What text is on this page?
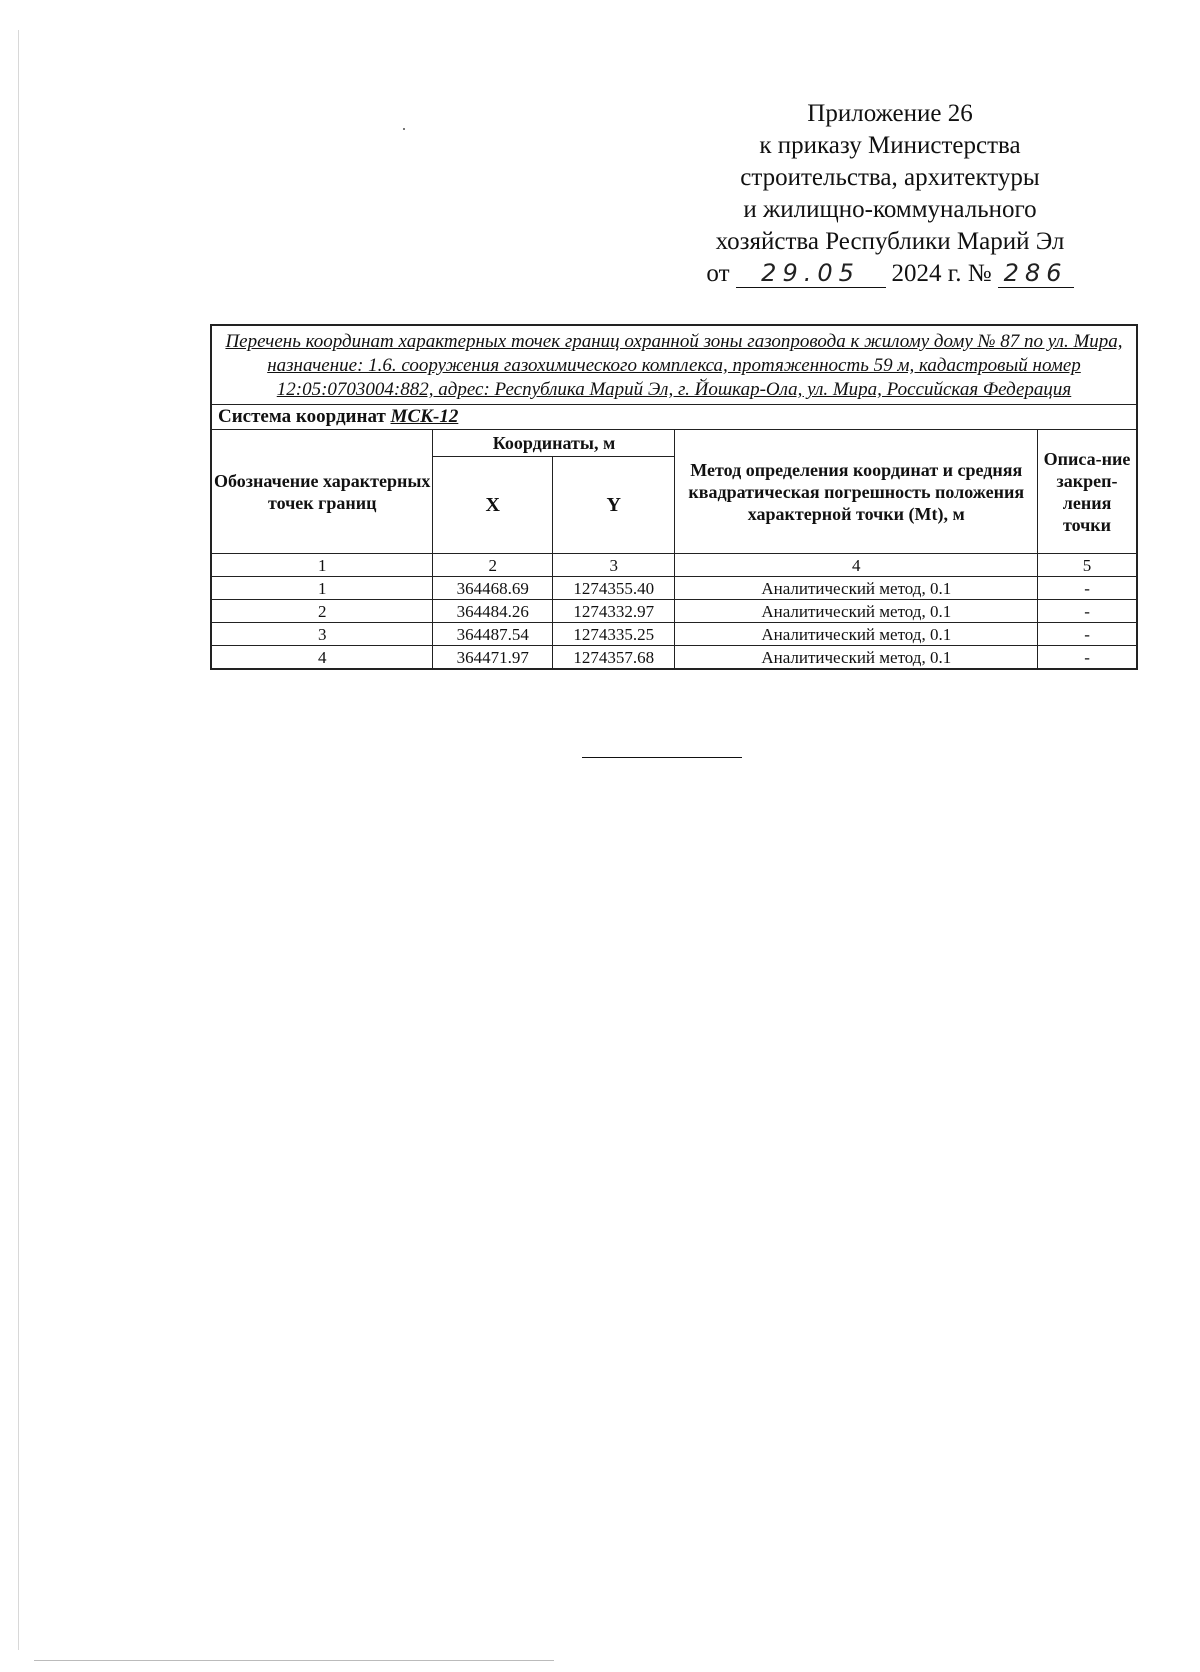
Приложение 26
к приказу Министерства
строительства, архитектуры
и жилищно-коммунального
хозяйства Республики Марий Эл
от	29.05	2024 г. № 286
Перечень координат характерных точек границ охранной зоны газопровода к жилому дому № 87 по ул. Мира, назначение: 1.6. сооружения газохимического комплекса, протяженность 59 м, кадастровый номер 12:05:0703004:882, адрес: Республика Марий Эл, г. Йошкар-Ола, ул. Мира, Российская Федерация
Система координат МСК-12
Обозначение характерных точек границ	Координаты, м		Метод определения координат и средняя квадратическая погрешность положения характерной точки (Mt), м	Описа-ние закреп-ления точки
	X	Y		
1	2	3	4	5
1	364468.69	1274355.40	Аналитический метод, 0.1	-
2	364484.26	1274332.97	Аналитический метод, 0.1	-
3	364487.54	1274335.25	Аналитический метод, 0.1	-
4	364471.97	1274357.68	Аналитический метод, 0.1	-
